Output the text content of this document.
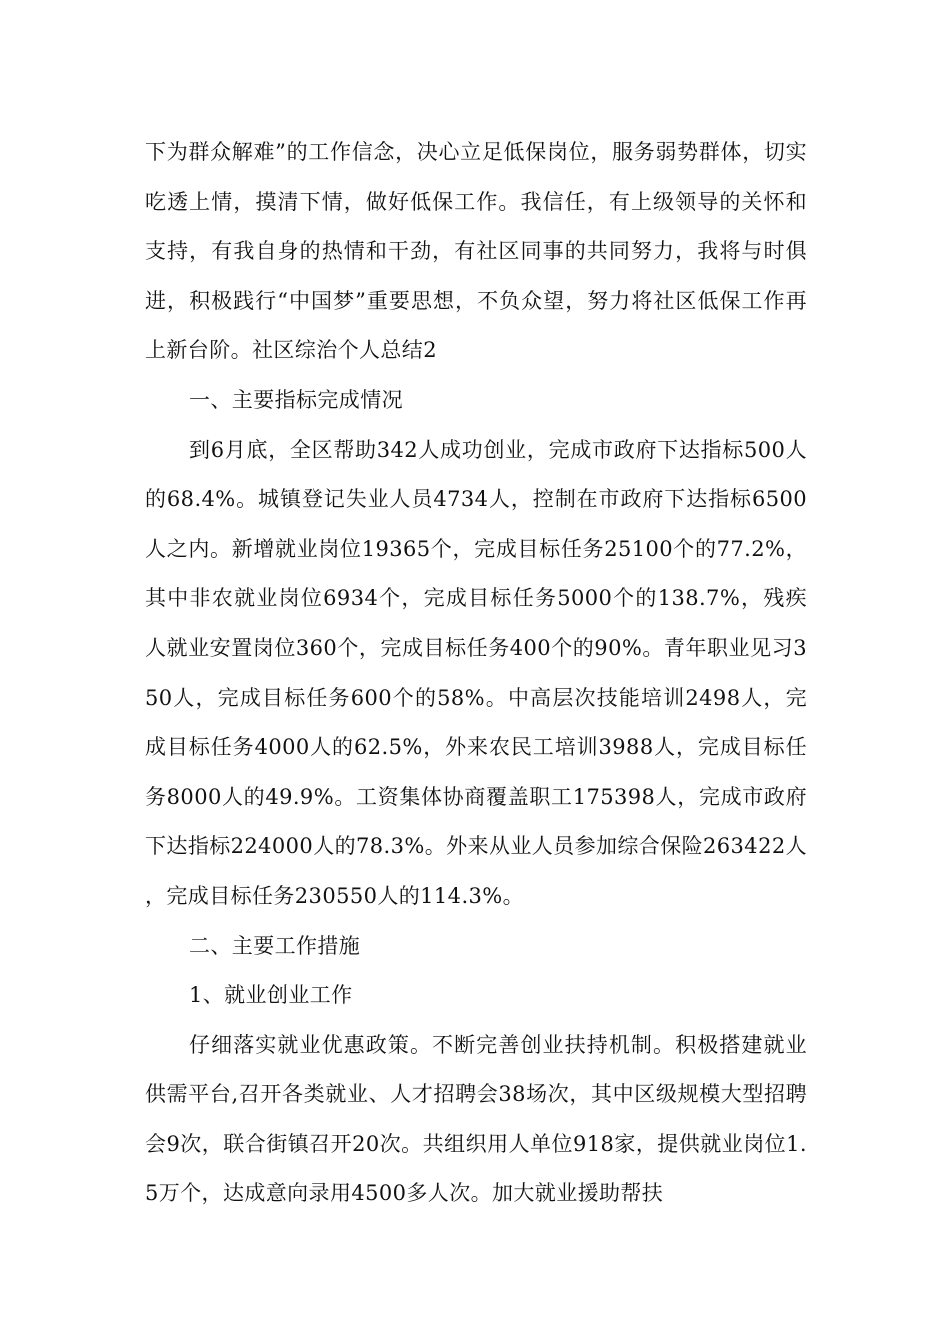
下为群众解难”的工作信念，决心立足低保岗位，服务弱势群体，切实吃透上情，摸清下情，做好低保工作。我信任，有上级领导的关怀和支持，有我自身的热情和干劲，有社区同事的共同努力，我将与时俱进，积极践行“中国梦”重要思想，不负众望，努力将社区低保工作再上新台阶。社区综治个人总结2

一、主要指标完成情况

到6月底，全区帮助342人成功创业，完成市政府下达指标500人的68.4%。城镇登记失业人员4734人，控制在市政府下达指标6500人之内。新增就业岗位19365个，完成目标任务25100个的77.2%，其中非农就业岗位6934个，完成目标任务5000个的138.7%，残疾人就业安置岗位360个，完成目标任务400个的90%。青年职业见习350人，完成目标任务600个的58%。中高层次技能培训2498人，完成目标任务4000人的62.5%，外来农民工培训3988人，完成目标任务8000人的49.9%。工资集体协商覆盖职工175398人，完成市政府下达指标224000人的78.3%。外来从业人员参加综合保险263422人，完成目标任务230550人的114.3%。

二、主要工作措施

1、就业创业工作

仔细落实就业优惠政策。不断完善创业扶持机制。积极搭建就业供需平台,召开各类就业、人才招聘会38场次，其中区级规模大型招聘会9次，联合街镇召开20次。共组织用人单位918家，提供就业岗位1.5万个，达成意向录用4500多人次。加大就业援助帮扶
